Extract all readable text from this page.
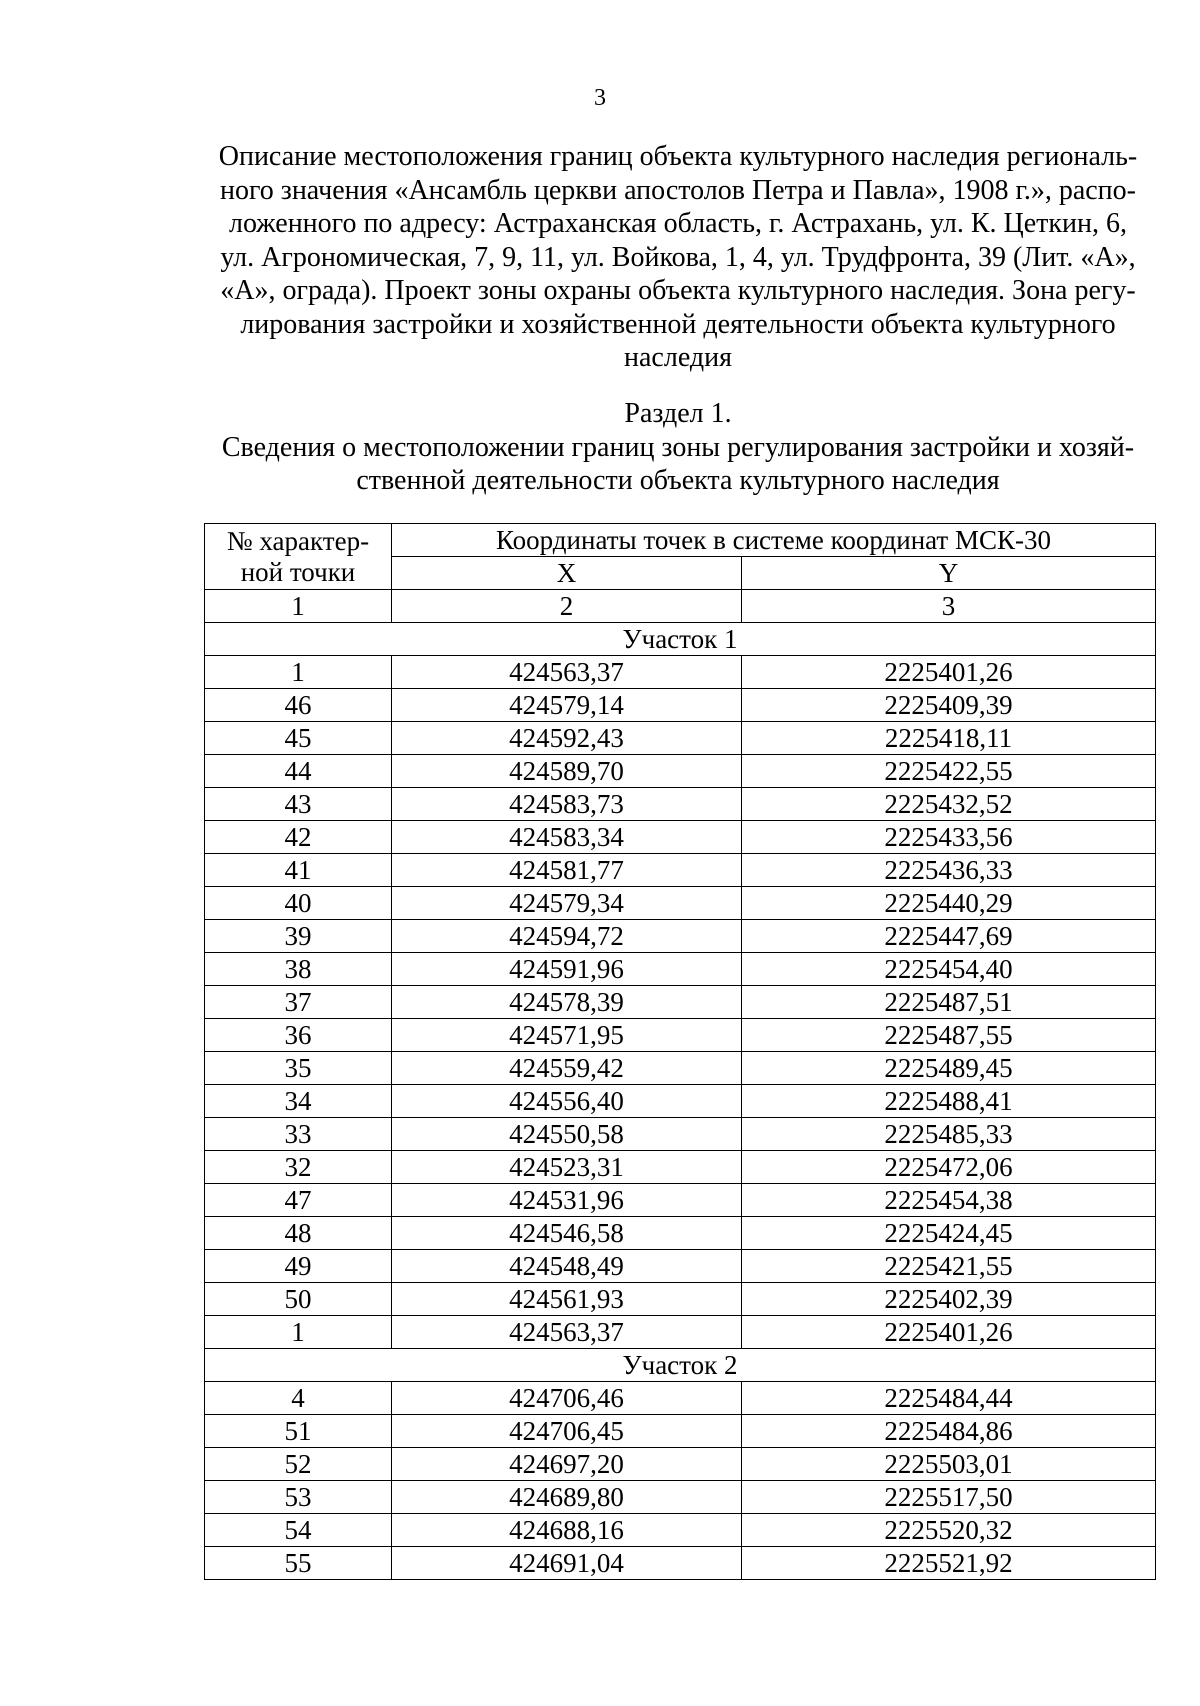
3
Описание местоположения границ объекта культурного наследия региональ-
ного значения «Ансамбль церкви апостолов Петра и Павла», 1908 г.», распо-
ложенного по адресу: Астраханская область, г. Астрахань, ул. К. Цеткин, 6,
ул. Агрономическая, 7, 9, 11, ул. Войкова, 1, 4, ул. Трудфронта, 39 (Лит. «А»,
«А», ограда). Проект зоны охраны объекта культурного наследия. Зона регу-
лирования застройки и хозяйственной деятельности объекта культурного
наследия
Раздел 1.
Сведения о местоположении границ зоны регулирования застройки и хозяй-
ственной деятельности объекта культурного наследия
№ характер-
ной точки	Координаты точек в системе координат МСК-30	
	X	Y
1	2	3
Участок 1		
1	424563,37	2225401,26
46	424579,14	2225409,39
45	424592,43	2225418,11
44	424589,70	2225422,55
43	424583,73	2225432,52
42	424583,34	2225433,56
41	424581,77	2225436,33
40	424579,34	2225440,29
39	424594,72	2225447,69
38	424591,96	2225454,40
37	424578,39	2225487,51
36	424571,95	2225487,55
35	424559,42	2225489,45
34	424556,40	2225488,41
33	424550,58	2225485,33
32	424523,31	2225472,06
47	424531,96	2225454,38
48	424546,58	2225424,45
49	424548,49	2225421,55
50	424561,93	2225402,39
1	424563,37	2225401,26
Участок 2		
4	424706,46	2225484,44
51	424706,45	2225484,86
52	424697,20	2225503,01
53	424689,80	2225517,50
54	424688,16	2225520,32
55	424691,04	2225521,92
